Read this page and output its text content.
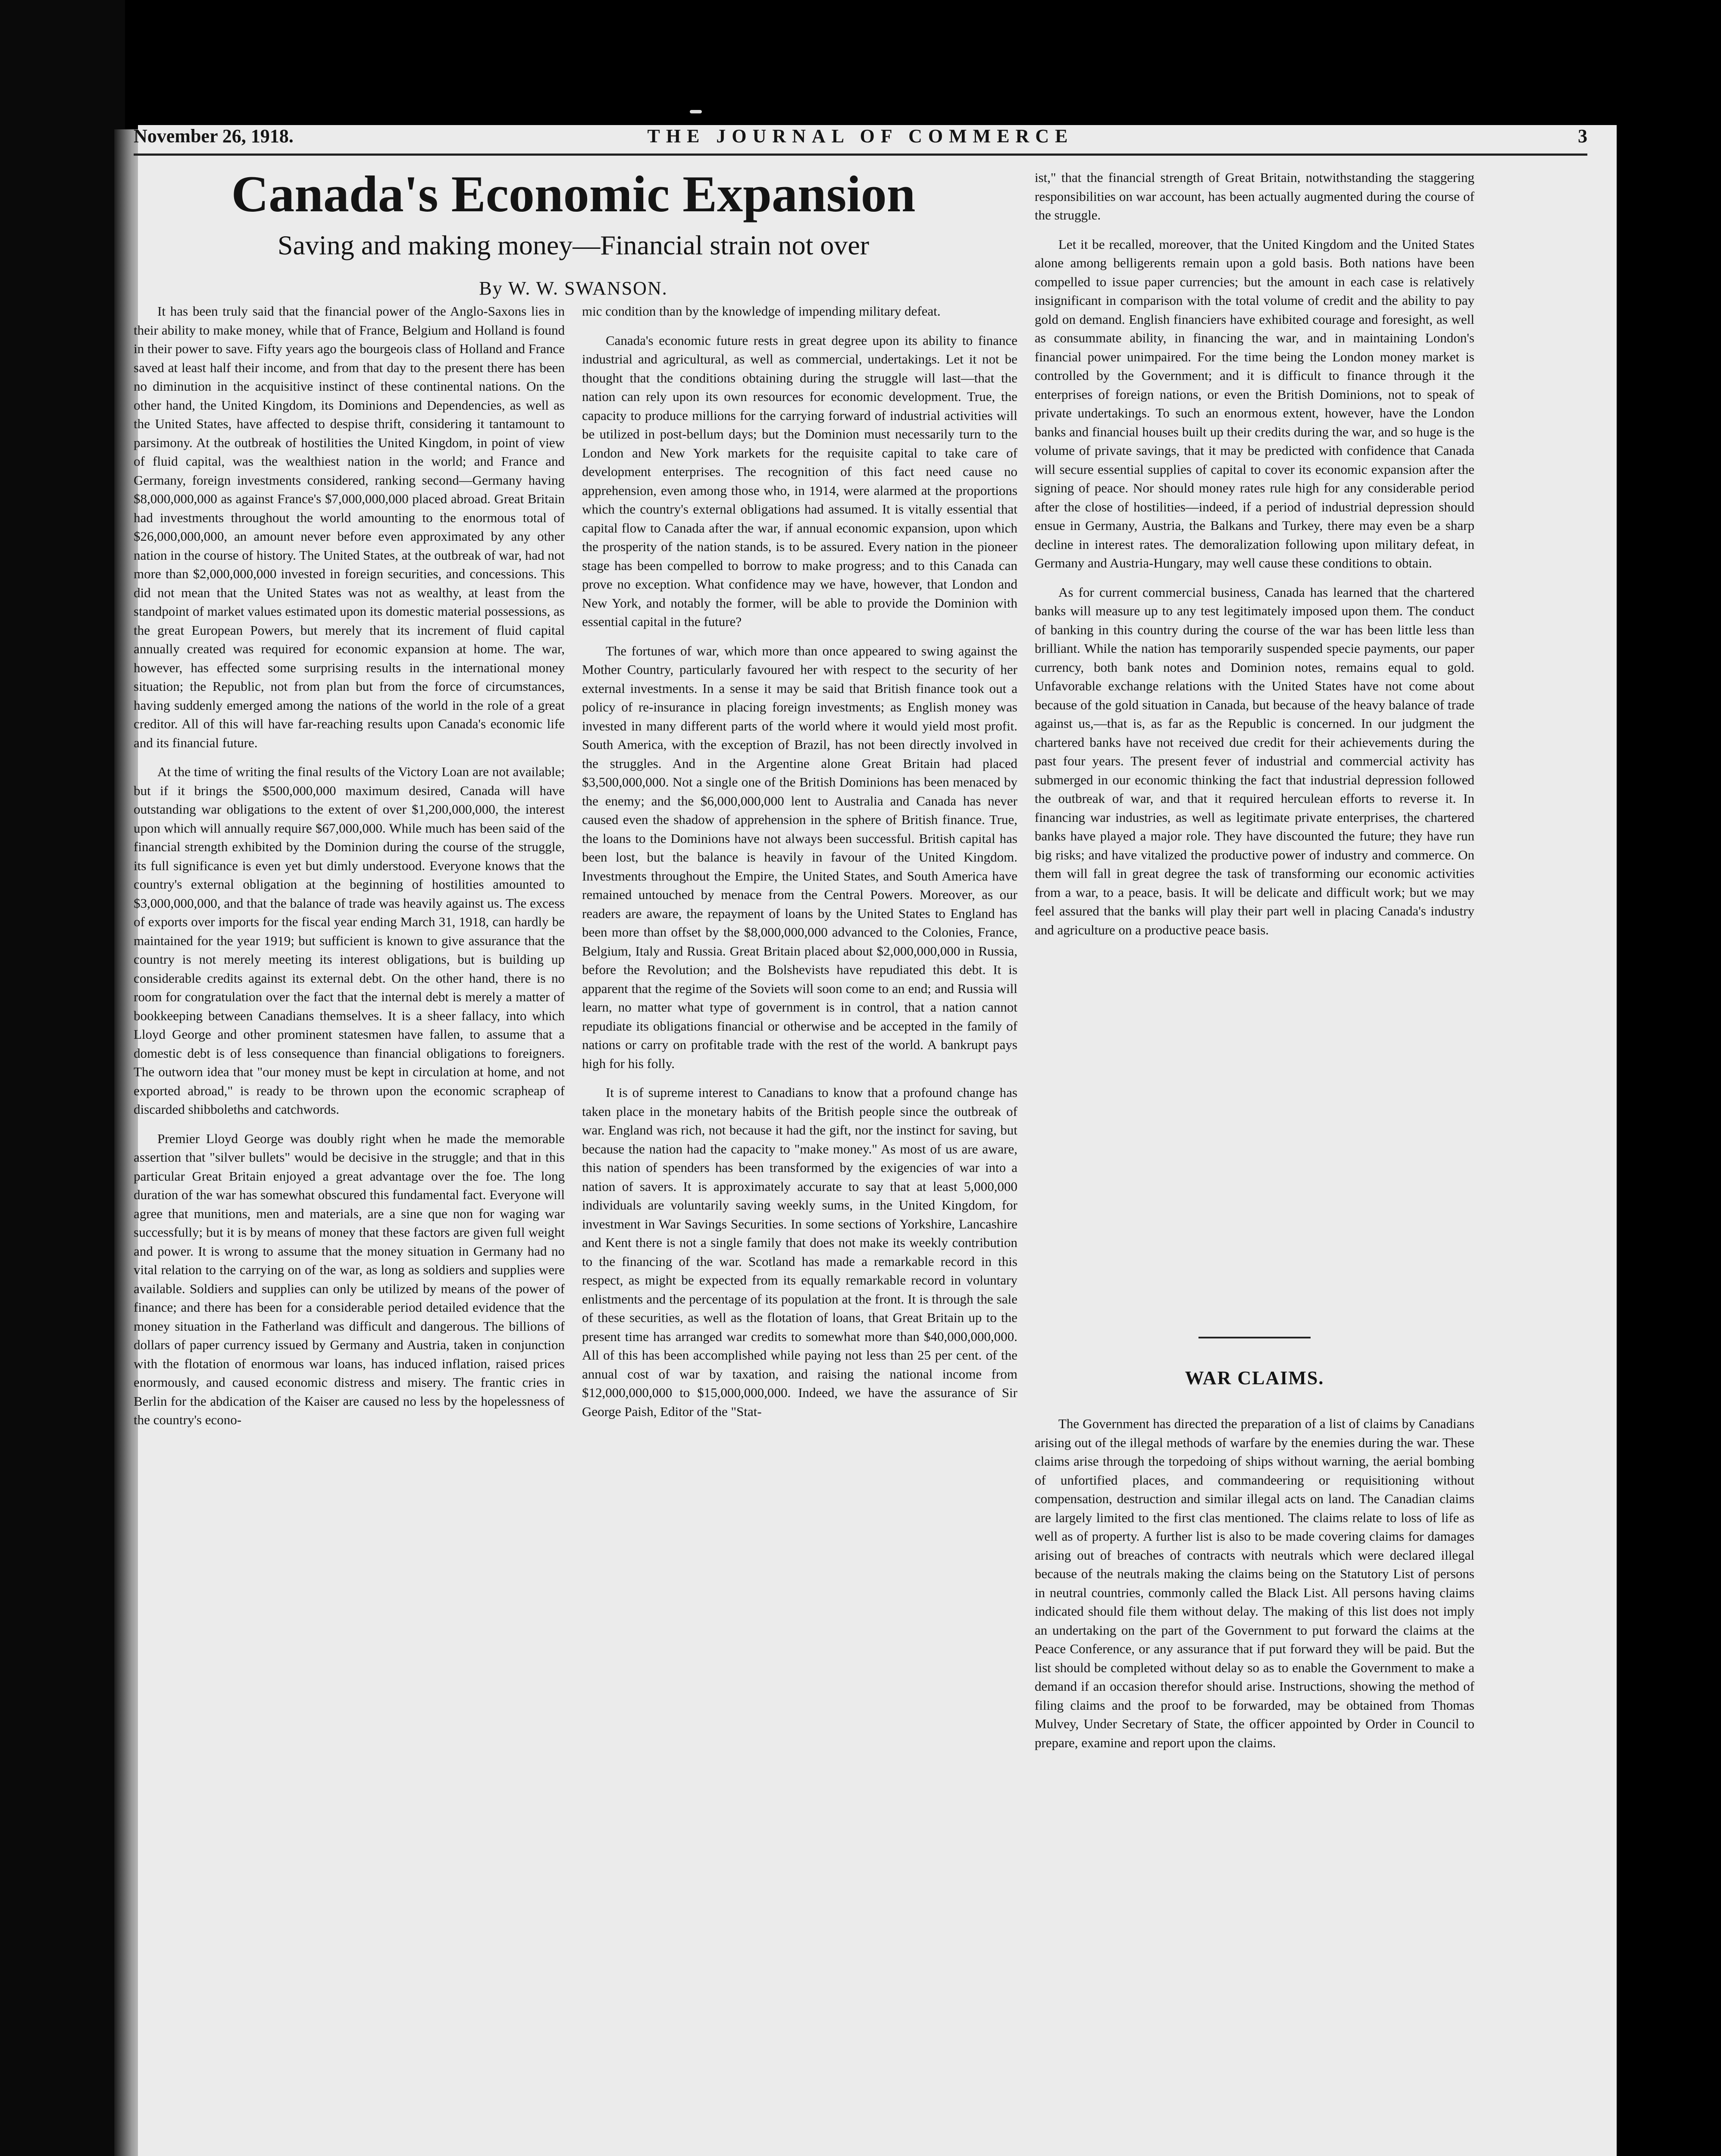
November 26, 1918.	THE JOURNAL OF COMMERCE	3
Canada's Economic Expansion
Saving and making money—Financial strain not over
By W. W. SWANSON.

It has been truly said that the financial power of the Anglo-Saxons lies in their ability to make money, while that of France, Belgium and Holland is found in their power to save. Fifty years ago the bourgeois class of Holland and France saved at least half their income, and from that day to the present there has been no diminution in the acquisitive instinct of these continental nations. On the other hand, the United Kingdom, its Dominions and Dependencies, as well as the United States, have affected to despise thrift, considering it tantamount to parsimony. At the outbreak of hostilities the United Kingdom, in point of view of fluid capital, was the wealthiest nation in the world; and France and Germany, foreign investments considered, ranking second—Germany having $8,000,000,000 as against France's $7,000,000,000 placed abroad. Great Britain had investments throughout the world amounting to the enormous total of $26,000,000,000, an amount never before even approximated by any other nation in the course of history. The United States, at the outbreak of war, had not more than $2,000,000,000 invested in foreign securities, and concessions. This did not mean that the United States was not as wealthy, at least from the standpoint of market values estimated upon its domestic material possessions, as the great European Powers, but merely that its increment of fluid capital annually created was required for economic expansion at home. The war, however, has effected some surprising results in the international money situation; the Republic, not from plan but from the force of circumstances, having suddenly emerged among the nations of the world in the role of a great creditor. All of this will have far-reaching results upon Canada's economic life and its financial future.

At the time of writing the final results of the Victory Loan are not available; but if it brings the $500,000,000 maximum desired, Canada will have outstanding war obligations to the extent of over $1,200,000,000, the interest upon which will annually require $67,000,000. While much has been said of the financial strength exhibited by the Dominion during the course of the struggle, its full significance is even yet but dimly understood. Everyone knows that the country's external obligation at the beginning of hostilities amounted to $3,000,000,000, and that the balance of trade was heavily against us. The excess of exports over imports for the fiscal year ending March 31, 1918, can hardly be maintained for the year 1919; but sufficient is known to give assurance that the country is not merely meeting its interest obligations, but is building up considerable credits against its external debt. On the other hand, there is no room for congratulation over the fact that the internal debt is merely a matter of bookkeeping between Canadians themselves. It is a sheer fallacy, into which Lloyd George and other prominent statesmen have fallen, to assume that a domestic debt is of less consequence than financial obligations to foreigners. The outworn idea that "our money must be kept in circulation at home, and not exported abroad," is ready to be thrown upon the economic scrapheap of discarded shibboleths and catchwords.

Premier Lloyd George was doubly right when he made the memorable assertion that "silver bullets" would be decisive in the struggle; and that in this particular Great Britain enjoyed a great advantage over the foe. The long duration of the war has somewhat obscured this fundamental fact. Everyone will agree that munitions, men and materials, are a sine que non for waging war successfully; but it is by means of money that these factors are given full weight and power. It is wrong to assume that the money situation in Germany had no vital relation to the carrying on of the war, as long as soldiers and supplies were available. Soldiers and supplies can only be utilized by means of the power of finance; and there has been for a considerable period detailed evidence that the money situation in the Fatherland was difficult and dangerous. The billions of dollars of paper currency issued by Germany and Austria, taken in conjunction with the flotation of enormous war loans, has induced inflation, raised prices enormously, and caused economic distress and misery. The frantic cries in Berlin for the abdication of the Kaiser are caused no less by the hopelessness of the country's econo-

mic condition than by the knowledge of impending military defeat.

Canada's economic future rests in great degree upon its ability to finance industrial and agricultural, as well as commercial, undertakings. Let it not be thought that the conditions obtaining during the struggle will last—that the nation can rely upon its own resources for economic development. True, the capacity to produce millions for the carrying forward of industrial activities will be utilized in post-bellum days; but the Dominion must necessarily turn to the London and New York markets for the requisite capital to take care of development enterprises. The recognition of this fact need cause no apprehension, even among those who, in 1914, were alarmed at the proportions which the country's external obligations had assumed. It is vitally essential that capital flow to Canada after the war, if annual economic expansion, upon which the prosperity of the nation stands, is to be assured. Every nation in the pioneer stage has been compelled to borrow to make progress; and to this Canada can prove no exception. What confidence may we have, however, that London and New York, and notably the former, will be able to provide the Dominion with essential capital in the future?

The fortunes of war, which more than once appeared to swing against the Mother Country, particularly favoured her with respect to the security of her external investments. In a sense it may be said that British finance took out a policy of re-insurance in placing foreign investments; as English money was invested in many different parts of the world where it would yield most profit. South America, with the exception of Brazil, has not been directly involved in the struggles. And in the Argentine alone Great Britain had placed $3,500,000,000. Not a single one of the British Dominions has been menaced by the enemy; and the $6,000,000,000 lent to Australia and Canada has never caused even the shadow of apprehension in the sphere of British finance. True, the loans to the Dominions have not always been successful. British capital has been lost, but the balance is heavily in favour of the United Kingdom. Investments throughout the Empire, the United States, and South America have remained untouched by menace from the Central Powers. Moreover, as our readers are aware, the repayment of loans by the United States to England has been more than offset by the $8,000,000,000 advanced to the Colonies, France, Belgium, Italy and Russia. Great Britain placed about $2,000,000,000 in Russia, before the Revolution; and the Bolshevists have repudiated this debt. It is apparent that the regime of the Soviets will soon come to an end; and Russia will learn, no matter what type of government is in control, that a nation cannot repudiate its obligations financial or otherwise and be accepted in the family of nations or carry on profitable trade with the rest of the world. A bankrupt pays high for his folly.

It is of supreme interest to Canadians to know that a profound change has taken place in the monetary habits of the British people since the outbreak of war. England was rich, not because it had the gift, nor the instinct for saving, but because the nation had the capacity to "make money." As most of us are aware, this nation of spenders has been transformed by the exigencies of war into a nation of savers. It is approximately accurate to say that at least 5,000,000 individuals are voluntarily saving weekly sums, in the United Kingdom, for investment in War Savings Securities. In some sections of Yorkshire, Lancashire and Kent there is not a single family that does not make its weekly contribution to the financing of the war. Scotland has made a remarkable record in this respect, as might be expected from its equally remarkable record in voluntary enlistments and the percentage of its population at the front. It is through the sale of these securities, as well as the flotation of loans, that Great Britain up to the present time has arranged war credits to somewhat more than $40,000,000,000. All of this has been accomplished while paying not less than 25 per cent. of the annual cost of war by taxation, and raising the national income from $12,000,000,000 to $15,000,000,000. Indeed, we have the assurance of Sir George Paish, Editor of the "Stat-

ist," that the financial strength of Great Britain, notwithstanding the staggering responsibilities on war account, has been actually augmented during the course of the struggle.

Let it be recalled, moreover, that the United Kingdom and the United States alone among belligerents remain upon a gold basis. Both nations have been compelled to issue paper currencies; but the amount in each case is relatively insignificant in comparison with the total volume of credit and the ability to pay gold on demand. English financiers have exhibited courage and foresight, as well as consummate ability, in financing the war, and in maintaining London's financial power unimpaired. For the time being the London money market is controlled by the Government; and it is difficult to finance through it the enterprises of foreign nations, or even the British Dominions, not to speak of private undertakings. To such an enormous extent, however, have the London banks and financial houses built up their credits during the war, and so huge is the volume of private savings, that it may be predicted with confidence that Canada will secure essential supplies of capital to cover its economic expansion after the signing of peace. Nor should money rates rule high for any considerable period after the close of hostilities—indeed, if a period of industrial depression should ensue in Germany, Austria, the Balkans and Turkey, there may even be a sharp decline in interest rates. The demoralization following upon military defeat, in Germany and Austria-Hungary, may well cause these conditions to obtain.

As for current commercial business, Canada has learned that the chartered banks will measure up to any test legitimately imposed upon them. The conduct of banking in this country during the course of the war has been little less than brilliant. While the nation has temporarily suspended specie payments, our paper currency, both bank notes and Dominion notes, remains equal to gold. Unfavorable exchange relations with the United States have not come about because of the gold situation in Canada, but because of the heavy balance of trade against us,—that is, as far as the Republic is concerned. In our judgment the chartered banks have not received due credit for their achievements during the past four years. The present fever of industrial and commercial activity has submerged in our economic thinking the fact that industrial depression followed the outbreak of war, and that it required herculean efforts to reverse it. In financing war industries, as well as legitimate private enterprises, the chartered banks have played a major role. They have discounted the future; they have run big risks; and have vitalized the productive power of industry and commerce. On them will fall in great degree the task of transforming our economic activities from a war, to a peace, basis. It will be delicate and difficult work; but we may feel assured that the banks will play their part well in placing Canada's industry and agriculture on a productive peace basis.

WAR CLAIMS.

The Government has directed the preparation of a list of claims by Canadians arising out of the illegal methods of warfare by the enemies during the war. These claims arise through the torpedoing of ships without warning, the aerial bombing of unfortified places, and commandeering or requisitioning without compensation, destruction and similar illegal acts on land. The Canadian claims are largely limited to the first clas mentioned. The claims relate to loss of life as well as of property. A further list is also to be made covering claims for damages arising out of breaches of contracts with neutrals which were declared illegal because of the neutrals making the claims being on the Statutory List of persons in neutral countries, commonly called the Black List. All persons having claims indicated should file them without delay. The making of this list does not imply an undertaking on the part of the Government to put forward the claims at the Peace Conference, or any assurance that if put forward they will be paid. But the list should be completed without delay so as to enable the Government to make a demand if an occasion therefor should arise. Instructions, showing the method of filing claims and the proof to be forwarded, may be obtained from Thomas Mulvey, Under Secretary of State, the officer appointed by Order in Council to prepare, examine and report upon the claims.
